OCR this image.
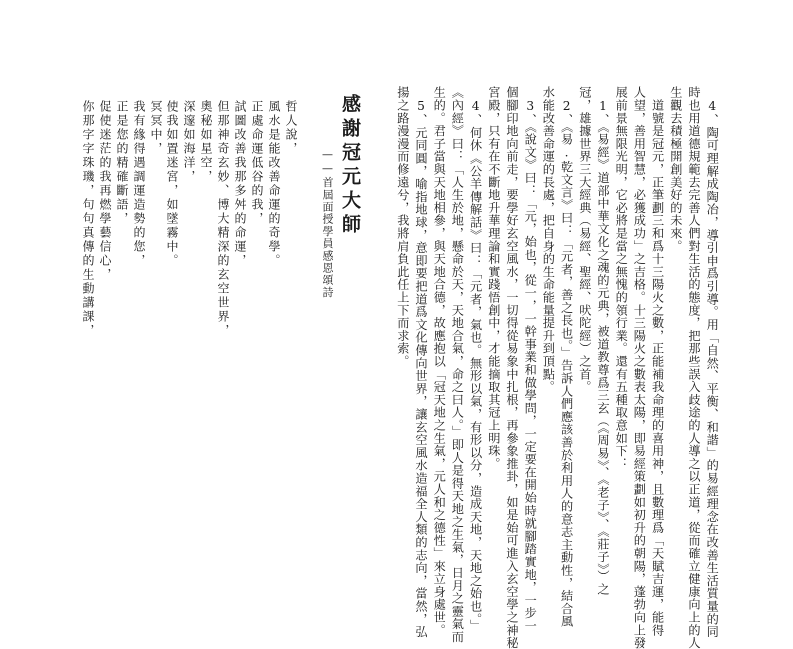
　4、陶可理解成陶冶，導引申爲引導。用「自然、平衡、和諧」的易經理念在改善生活質量的同
時也用道德規範去完善人們對生活的態度，把那些誤入歧途的人導之以正道，從而確立健康向上的人
生觀去積極開創美好的未來。
　道號是冠元，正筆劃三和爲十三陽火之數，正能補我命理的喜用神，且數理爲「天賦吉運，能得
人望，善用智慧，必獲成功」之吉格。十三陽火之數表太陽，即易經策劃如初升的朝陽，蓬勃向上發
展前景無限光明，它必將是當之無愧的領行業。還有五種取意如下：
　1、《易經》道部中華文化之魂的元典，被道教尊爲三玄（《周易》、《老子》、《莊子》）之
冠，雄據世界三大經典（易經、聖經、吠陀經）之首。
　2、《易.乾文言》曰：「元者，善之長也。」告訴人們應該善於利用人的意志主動性，結合風
水能改善命運的長處，把自身的生命能量提升到頂點。
　3、《說文》曰：「元，始也，從一，一幹事業和做學問，一定要在開始時就腳踏實地，一步一
個腳印地向前走，要學好玄空風水，一切得從易象中扎根，再參象推卦，如是始可進入玄空學之神秘
宮殿，只有在不斷地升華理論和實踐悟創中，才能摘取其冠上明珠。
　4、何休《公羊傳解話》曰：「元者，氣也。無形以氣，有形以分，造成天地，天地之始也。」
《內經》曰：「人生於地，懸命於天，天地合氣，命之曰人。」即人是得天地之生氣，日月之靈氣而
生的。君子當與天地相參，與天地合德，故應抱以「冠天地之生氣，元人和之德性」來立身處世。
　5、元同圓，喻指地球，意即要把道爲文化傳向世界，讓玄空風水造福全人類的志向，當然，弘
揚之路漫漫而修遠兮，我將肩負此任上下而求索。
感謝冠元大師
——首屆面授學員感恩頌詩
哲人說，
風水是能改善命運的奇學。
正處命運低谷的我，
試圖改善我那多舛的命運，
但那神奇玄妙、博大精深的玄空世界，
奧秘如星空，
深邃如海洋，
使我如置迷宮，如墜霧中。
冥冥中，
我有緣得遇調運造勢的您，
正是您的精確斷語，
促使迷茫的我再燃學藝信心，
你那字字珠璣，句句真傳的生動講課，
